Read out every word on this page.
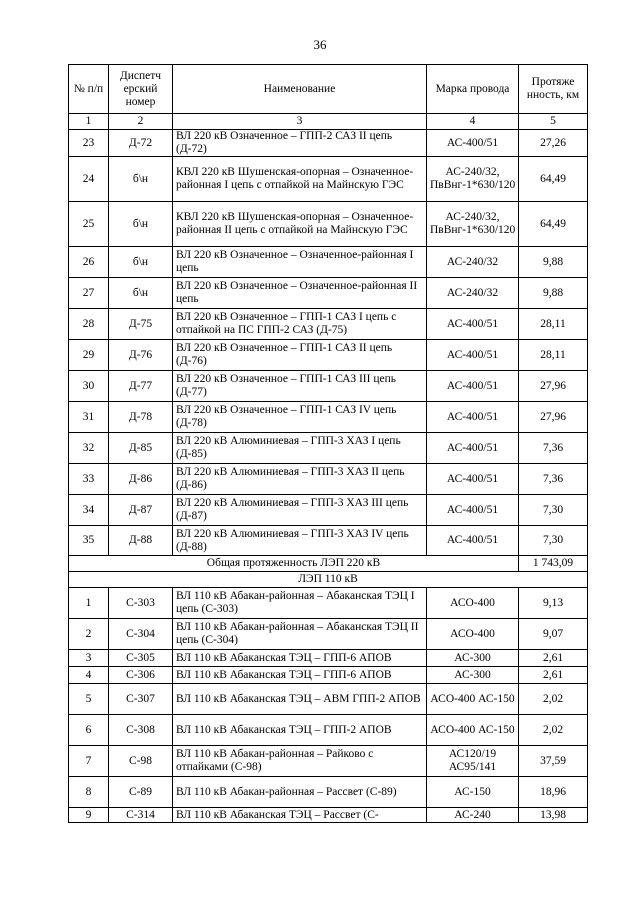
36
№ п/п	Диспетч ерский номер	Наименование	Марка провода	Протяже нность, км
1	2	3	4	5
23	Д-72	ВЛ 220 кВ Означенное – ГПП-2 САЗ II цепь (Д-72)	АС-400/51	27,26
24	б\н	КВЛ 220 кВ Шушенская-опорная – Означенное-районная I цепь с отпайкой на Майнскую ГЭС	АС-240/32, ПвВнг-1*630/120	64,49
25	б\н	КВЛ 220 кВ Шушенская-опорная – Означенное-районная II цепь с отпайкой на Майнскую ГЭС	АС-240/32, ПвВнг-1*630/120	64,49
26	б\н	ВЛ 220 кВ Означенное – Означенное-районная I цепь	АС-240/32	9,88
27	б\н	ВЛ 220 кВ Означенное – Означенное-районная II цепь	АС-240/32	9,88
28	Д-75	ВЛ 220 кВ Означенное – ГПП-1 САЗ I цепь с отпайкой на ПС ГПП-2 САЗ (Д-75)	АС-400/51	28,11
29	Д-76	ВЛ 220 кВ Означенное – ГПП-1 САЗ II цепь (Д-76)	АС-400/51	28,11
30	Д-77	ВЛ 220 кВ Означенное – ГПП-1 САЗ III цепь (Д-77)	АС-400/51	27,96
31	Д-78	ВЛ 220 кВ Означенное – ГПП-1 САЗ IV цепь (Д-78)	АС-400/51	27,96
32	Д-85	ВЛ 220 кВ Алюминиевая – ГПП-3 ХАЗ I цепь (Д-85)	АС-400/51	7,36
33	Д-86	ВЛ 220 кВ Алюминиевая – ГПП-3 ХАЗ II цепь (Д-86)	АС-400/51	7,36
34	Д-87	ВЛ 220 кВ Алюминиевая – ГПП-3 ХАЗ III цепь (Д-87)	АС-400/51	7,30
35	Д-88	ВЛ 220 кВ Алюминиевая – ГПП-3 ХАЗ IV цепь (Д-88)	АС-400/51	7,30
Общая протяженность ЛЭП 220 кВ				1 743,09
ЛЭП 110 кВ				
1	С-303	ВЛ 110 кВ Абакан-районная – Абаканская ТЭЦ I цепь (С-303)	АСО-400	9,13
2	С-304	ВЛ 110 кВ Абакан-районная – Абаканская ТЭЦ II цепь (С-304)	АСО-400	9,07
3	С-305	ВЛ 110 кВ Абаканская ТЭЦ – ГПП-6 АПОВ	АС-300	2,61
4	С-306	ВЛ 110 кВ Абаканская ТЭЦ – ГПП-6 АПОВ	АС-300	2,61
5	С-307	ВЛ 110 кВ Абаканская ТЭЦ – АВМ ГПП-2 АПОВ	АСО-400 АС-150	2,02
6	С-308	ВЛ 110 кВ Абаканская ТЭЦ – ГПП-2 АПОВ	АСО-400 АС-150	2,02
7	С-98	ВЛ 110 кВ Абакан-районная – Райково с отпайками (С-98)	АС120/19 АС95/141	37,59
8	С-89	ВЛ 110 кВ Абакан-районная – Рассвет (С-89)	АС-150	18,96
9	С-314	ВЛ 110 кВ Абаканская ТЭЦ – Рассвет (С-	АС-240	13,98
